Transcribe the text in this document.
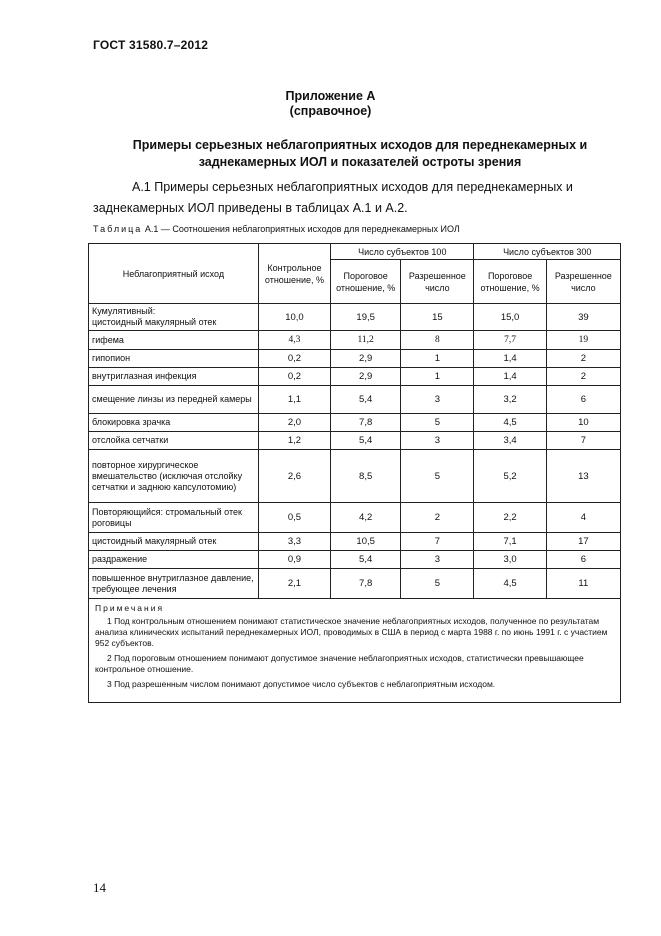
ГОСТ 31580.7–2012
Приложение А
(справочное)
Примеры серьезных неблагоприятных исходов для переднекамерных и заднекамерных ИОЛ и показателей остроты зрения
А.1 Примеры серьезных неблагоприятных исходов для переднекамерных и
заднекамерных ИОЛ приведены в таблицах А.1 и А.2.
Таблица А.1 — Соотношения неблагоприятных исходов для переднекамерных ИОЛ
Неблагоприятный исход	Контрольное отношение, %	Число субъектов 100		Число субъектов 300	
		Пороговое отношение, %	Разрешенное число	Пороговое отношение, %	Разрешенное число
Кумулятивный:
цистоидный макулярный отек	10,0	19,5	15	15,0	39
гифема	4,3	11,2	8	7,7	19
гипопион	0,2	2,9	1	1,4	2
внутриглазная инфекция	0,2	2,9	1	1,4	2
смещение линзы из передней камеры	1,1	5,4	3	3,2	6
блокировка зрачка	2,0	7,8	5	4,5	10
отслойка сетчатки	1,2	5,4	3	3,4	7
повторное хирургическое вмешательство (исключая отслойку сетчатки и заднюю капсулотомию)	2,6	8,5	5	5,2	13
Повторяющийся: стромальный отек роговицы	0,5	4,2	2	2,2	4
цистоидный макулярный отек	3,3	10,5	7	7,1	17
раздражение	0,9	5,4	3	3,0	6
повышенное внутриглазное давление, требующее лечения	2,1	7,8	5	4,5	11

Примечания
1 Под контрольным отношением понимают статистическое значение неблагоприятных исходов, полученное по результатам анализа клинических испытаний переднекамерных ИОЛ, проводимых в США в период с марта 1988 г. по июнь 1991 г. с участием 952 субъектов.
2 Под пороговым отношением понимают допустимое значение неблагоприятных исходов, статистически превышающее контрольное отношение.
3 Под разрешенным числом понимают допустимое число субъектов с неблагоприятным исходом.					
14
